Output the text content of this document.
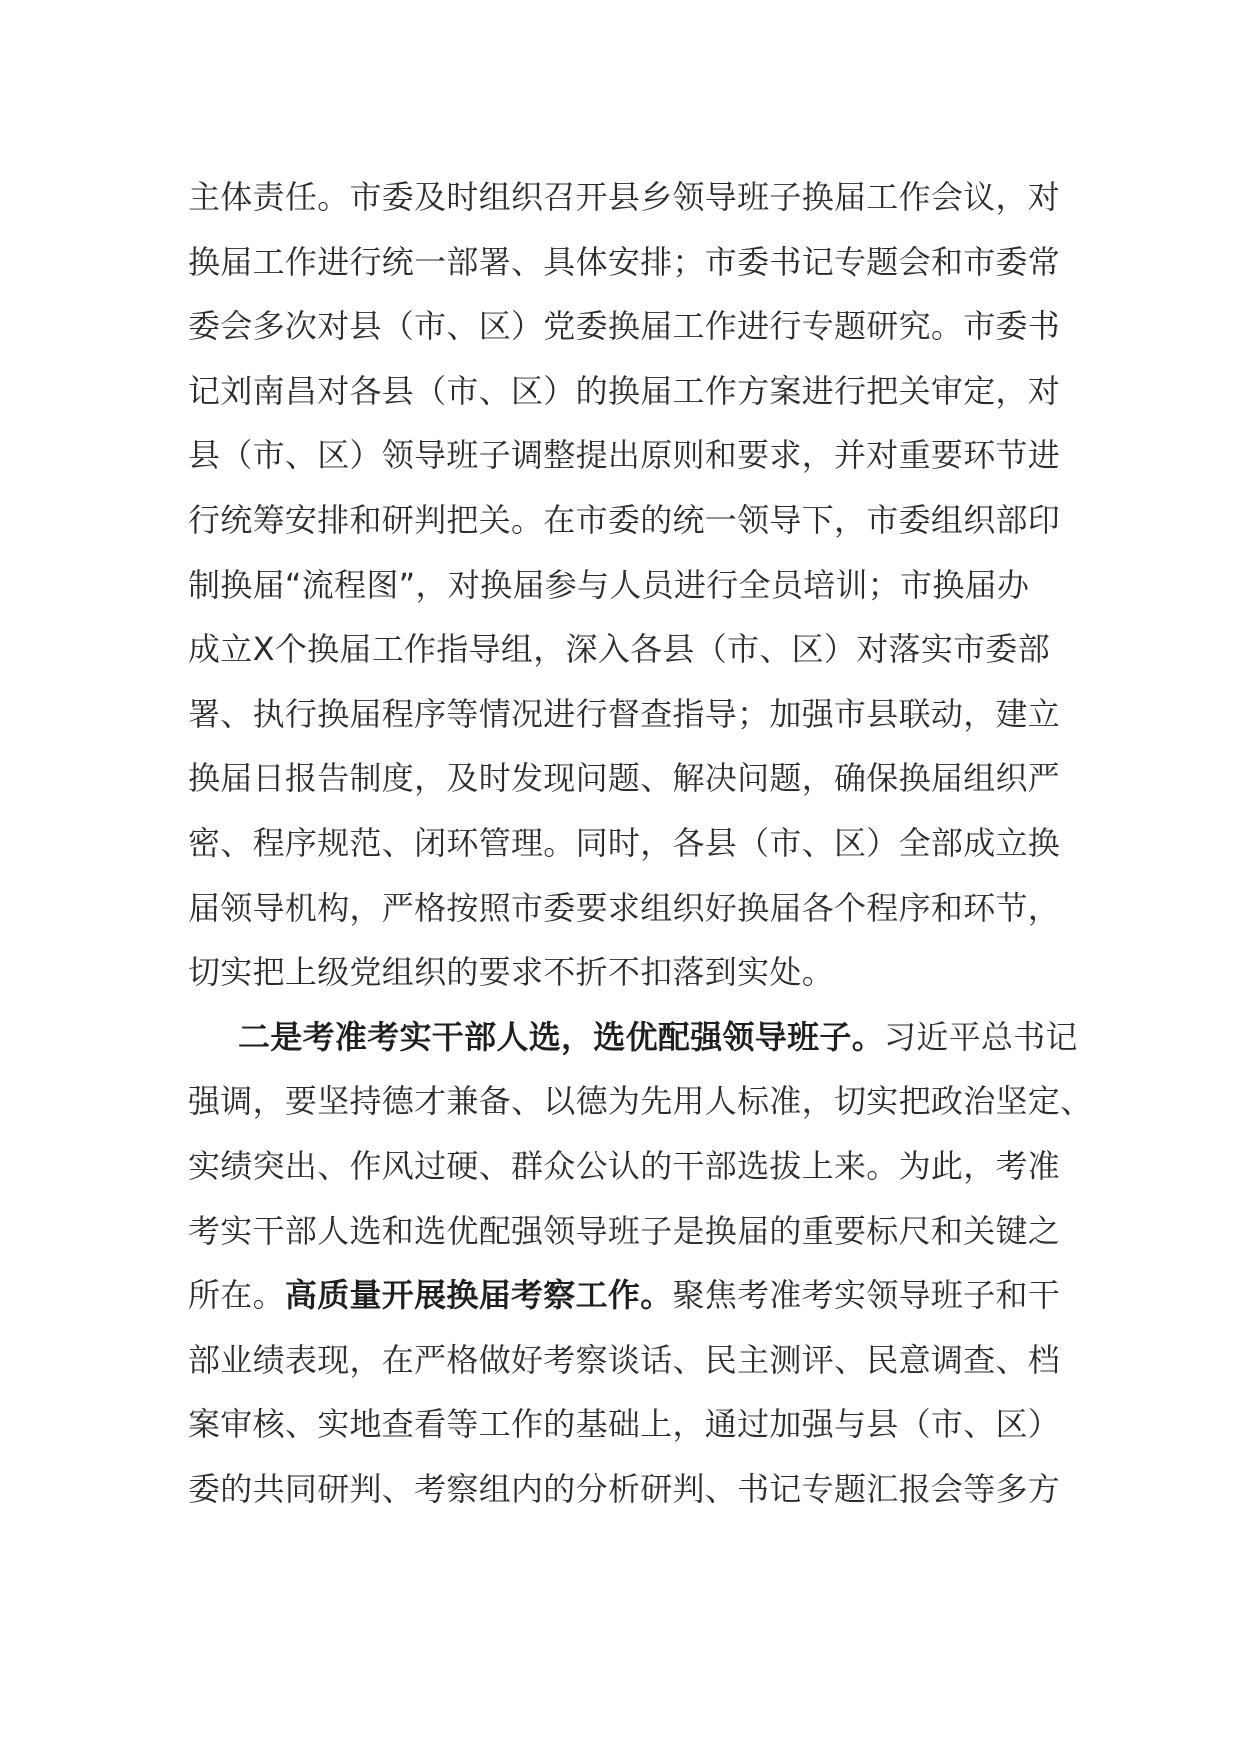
主体责任。市委及时组织召开县乡领导班子换届工作会议，对
换届工作进行统一部署、具体安排；市委书记专题会和市委常
委会多次对县（市、区）党委换届工作进行专题研究。市委书
记刘南昌对各县（市、区）的换届工作方案进行把关审定，对
县（市、区）领导班子调整提出原则和要求，并对重要环节进
行统筹安排和研判把关。在市委的统一领导下，市委组织部印
制换届“流程图”，对换届参与人员进行全员培训；市换届办
成立X个换届工作指导组，深入各县（市、区）对落实市委部
署、执行换届程序等情况进行督查指导；加强市县联动，建立
换届日报告制度，及时发现问题、解决问题，确保换届组织严
密、程序规范、闭环管理。同时，各县（市、区）全部成立换
届领导机构，严格按照市委要求组织好换届各个程序和环节，
切实把上级党组织的要求不折不扣落到实处。
二是考准考实干部人选，选优配强领导班子。习近平总书记
强调，要坚持德才兼备、以德为先用人标准，切实把政治坚定、
实绩突出、作风过硬、群众公认的干部选拔上来。为此，考准
考实干部人选和选优配强领导班子是换届的重要标尺和关键之
所在。高质量开展换届考察工作。聚焦考准考实领导班子和干
部业绩表现，在严格做好考察谈话、民主测评、民意调查、档
案审核、实地查看等工作的基础上，通过加强与县（市、区）
委的共同研判、考察组内的分析研判、书记专题汇报会等多方
